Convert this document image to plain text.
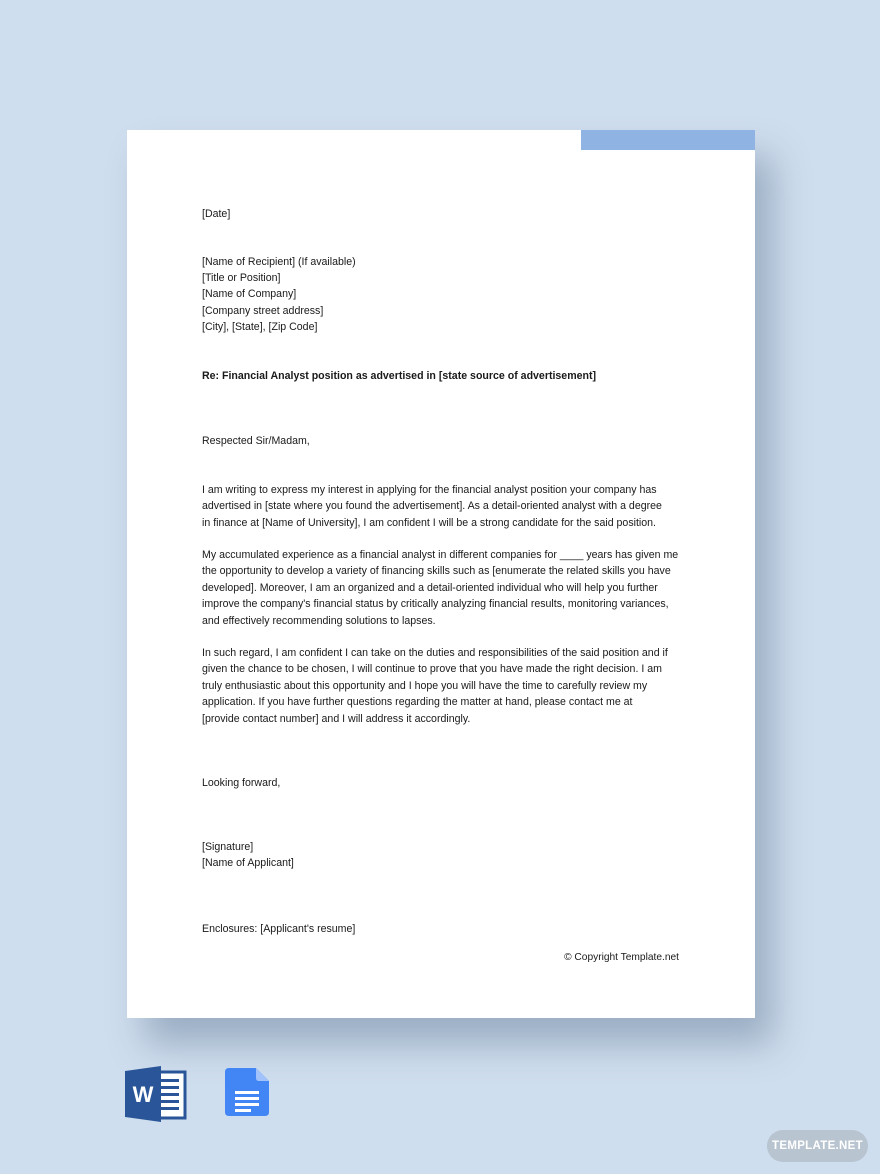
[Date]

[Name of Recipient] (If available)
[Title or Position]
[Name of Company]
[Company street address]
[City], [State], [Zip Code]

Re: Financial Analyst position as advertised in [state source of advertisement]

Respected Sir/Madam,

I am writing to express my interest in applying for the financial analyst position your company has
advertised in [state where you found the advertisement]. As a detail-oriented analyst with a degree
in finance at [Name of University], I am confident I will be a strong candidate for the said position.
My accumulated experience as a financial analyst in different companies for ____ years has given me
the opportunity to develop a variety of financing skills such as [enumerate the related skills you have
developed]. Moreover, I am an organized and a detail-oriented individual who will help you further
improve the company's financial status by critically analyzing financial results, monitoring variances,
and effectively recommending solutions to lapses.
In such regard, I am confident I can take on the duties and responsibilities of the said position and if
given the chance to be chosen, I will continue to prove that you have made the right decision. I am
truly enthusiastic about this opportunity and I hope you will have the time to carefully review my
application. If you have further questions regarding the matter at hand, please contact me at
[provide contact number] and I will address it accordingly.

Looking forward,

[Signature]
[Name of Applicant]

Enclosures: [Applicant's resume]

© Copyright Template.net
W
TEMPLATE.NET
